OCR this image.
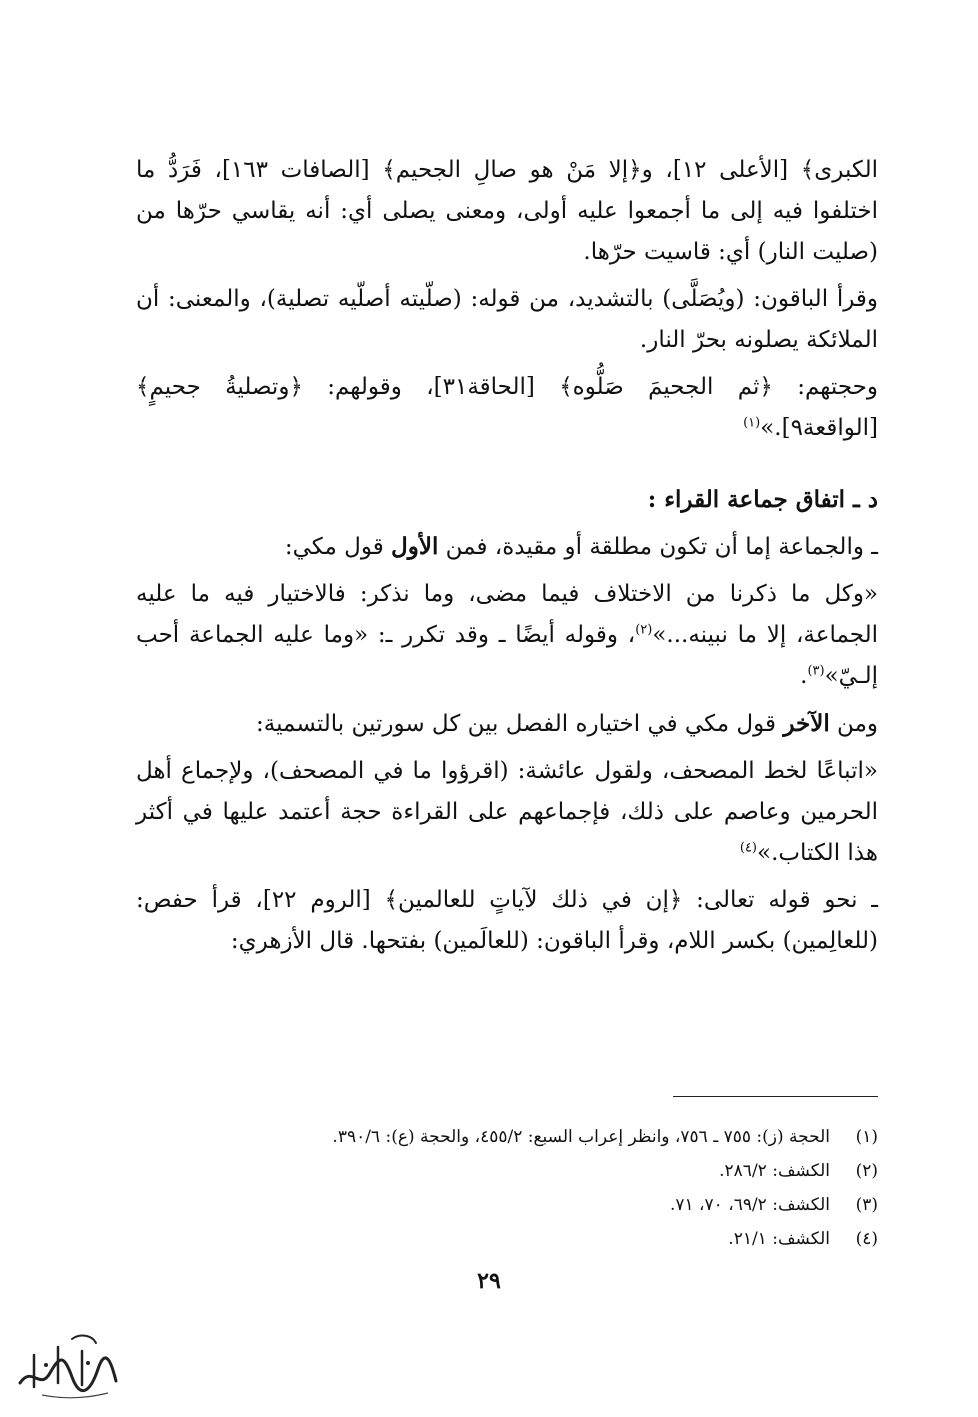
الكبرى﴾ [الأعلى ١٢]، و﴿إلا مَنْ هو صالِ الجحيم﴾ [الصافات ١٦٣]، فَرَدُّ ما اختلفوا فيه إلى ما أجمعوا عليه أولى، ومعنى يصلى أي: أنه يقاسي حرّها من (صليت النار) أي: قاسيت حرّها.

وقرأ الباقون: (ويُصَلَّى) بالتشديد، من قوله: (صلّيته أصلّيه تصلية)، والمعنى: أن الملائكة يصلونه بحرّ النار.

وحجتهم: ﴿ثم الجحيمَ صَلُّوه﴾ [الحاقة٣١]، وقولهم: ﴿وتصليةُ جحيمٍ﴾ [الواقعة٩].»$^{(١)}$

د ـ اتفاق جماعة القراء :

ـ والجماعة إما أن تكون مطلقة أو مقيدة، فمن الأول قول مكي:

«وكل ما ذكرنا من الاختلاف فيما مضى، وما نذكر: فالاختيار فيه ما عليه الجماعة، إلا ما نبينه...»$^{(٢)}$، وقوله أيضًا ـ وقد تكرر ـ: «وما عليه الجماعة أحب إلـيّ»$^{(٣)}$.

ومن الآخر قول مكي في اختياره الفصل بين كل سورتين بالتسمية:

«اتباعًا لخط المصحف، ولقول عائشة: (اقرؤوا ما في المصحف)، ولإجماع أهل الحرمين وعاصم على ذلك، فإجماعهم على القراءة حجة أعتمد عليها في أكثر هذا الكتاب.»$^{(٤)}$

ـ نحو قوله تعالى: ﴿إن في ذلك لآياتٍ للعالمين﴾ [الروم ٢٢]، قرأ حفص: (للعالِمين) بكسر اللام، وقرأ الباقون: (للعالَمين) بفتحها. قال الأزهري:

(١)
الحجة (ز): ٧٥٥ ـ ٧٥٦، وانظر إعراب السبع: ٤٥٥/٢، والحجة (ع): ٣٩٠/٦.
(٢)
الكشف: ٢٨٦/٢.
(٣)
الكشف: ٦٩/٢، ٧٠، ٧١.
(٤)
الكشف: ٢١/١.
٢٩
